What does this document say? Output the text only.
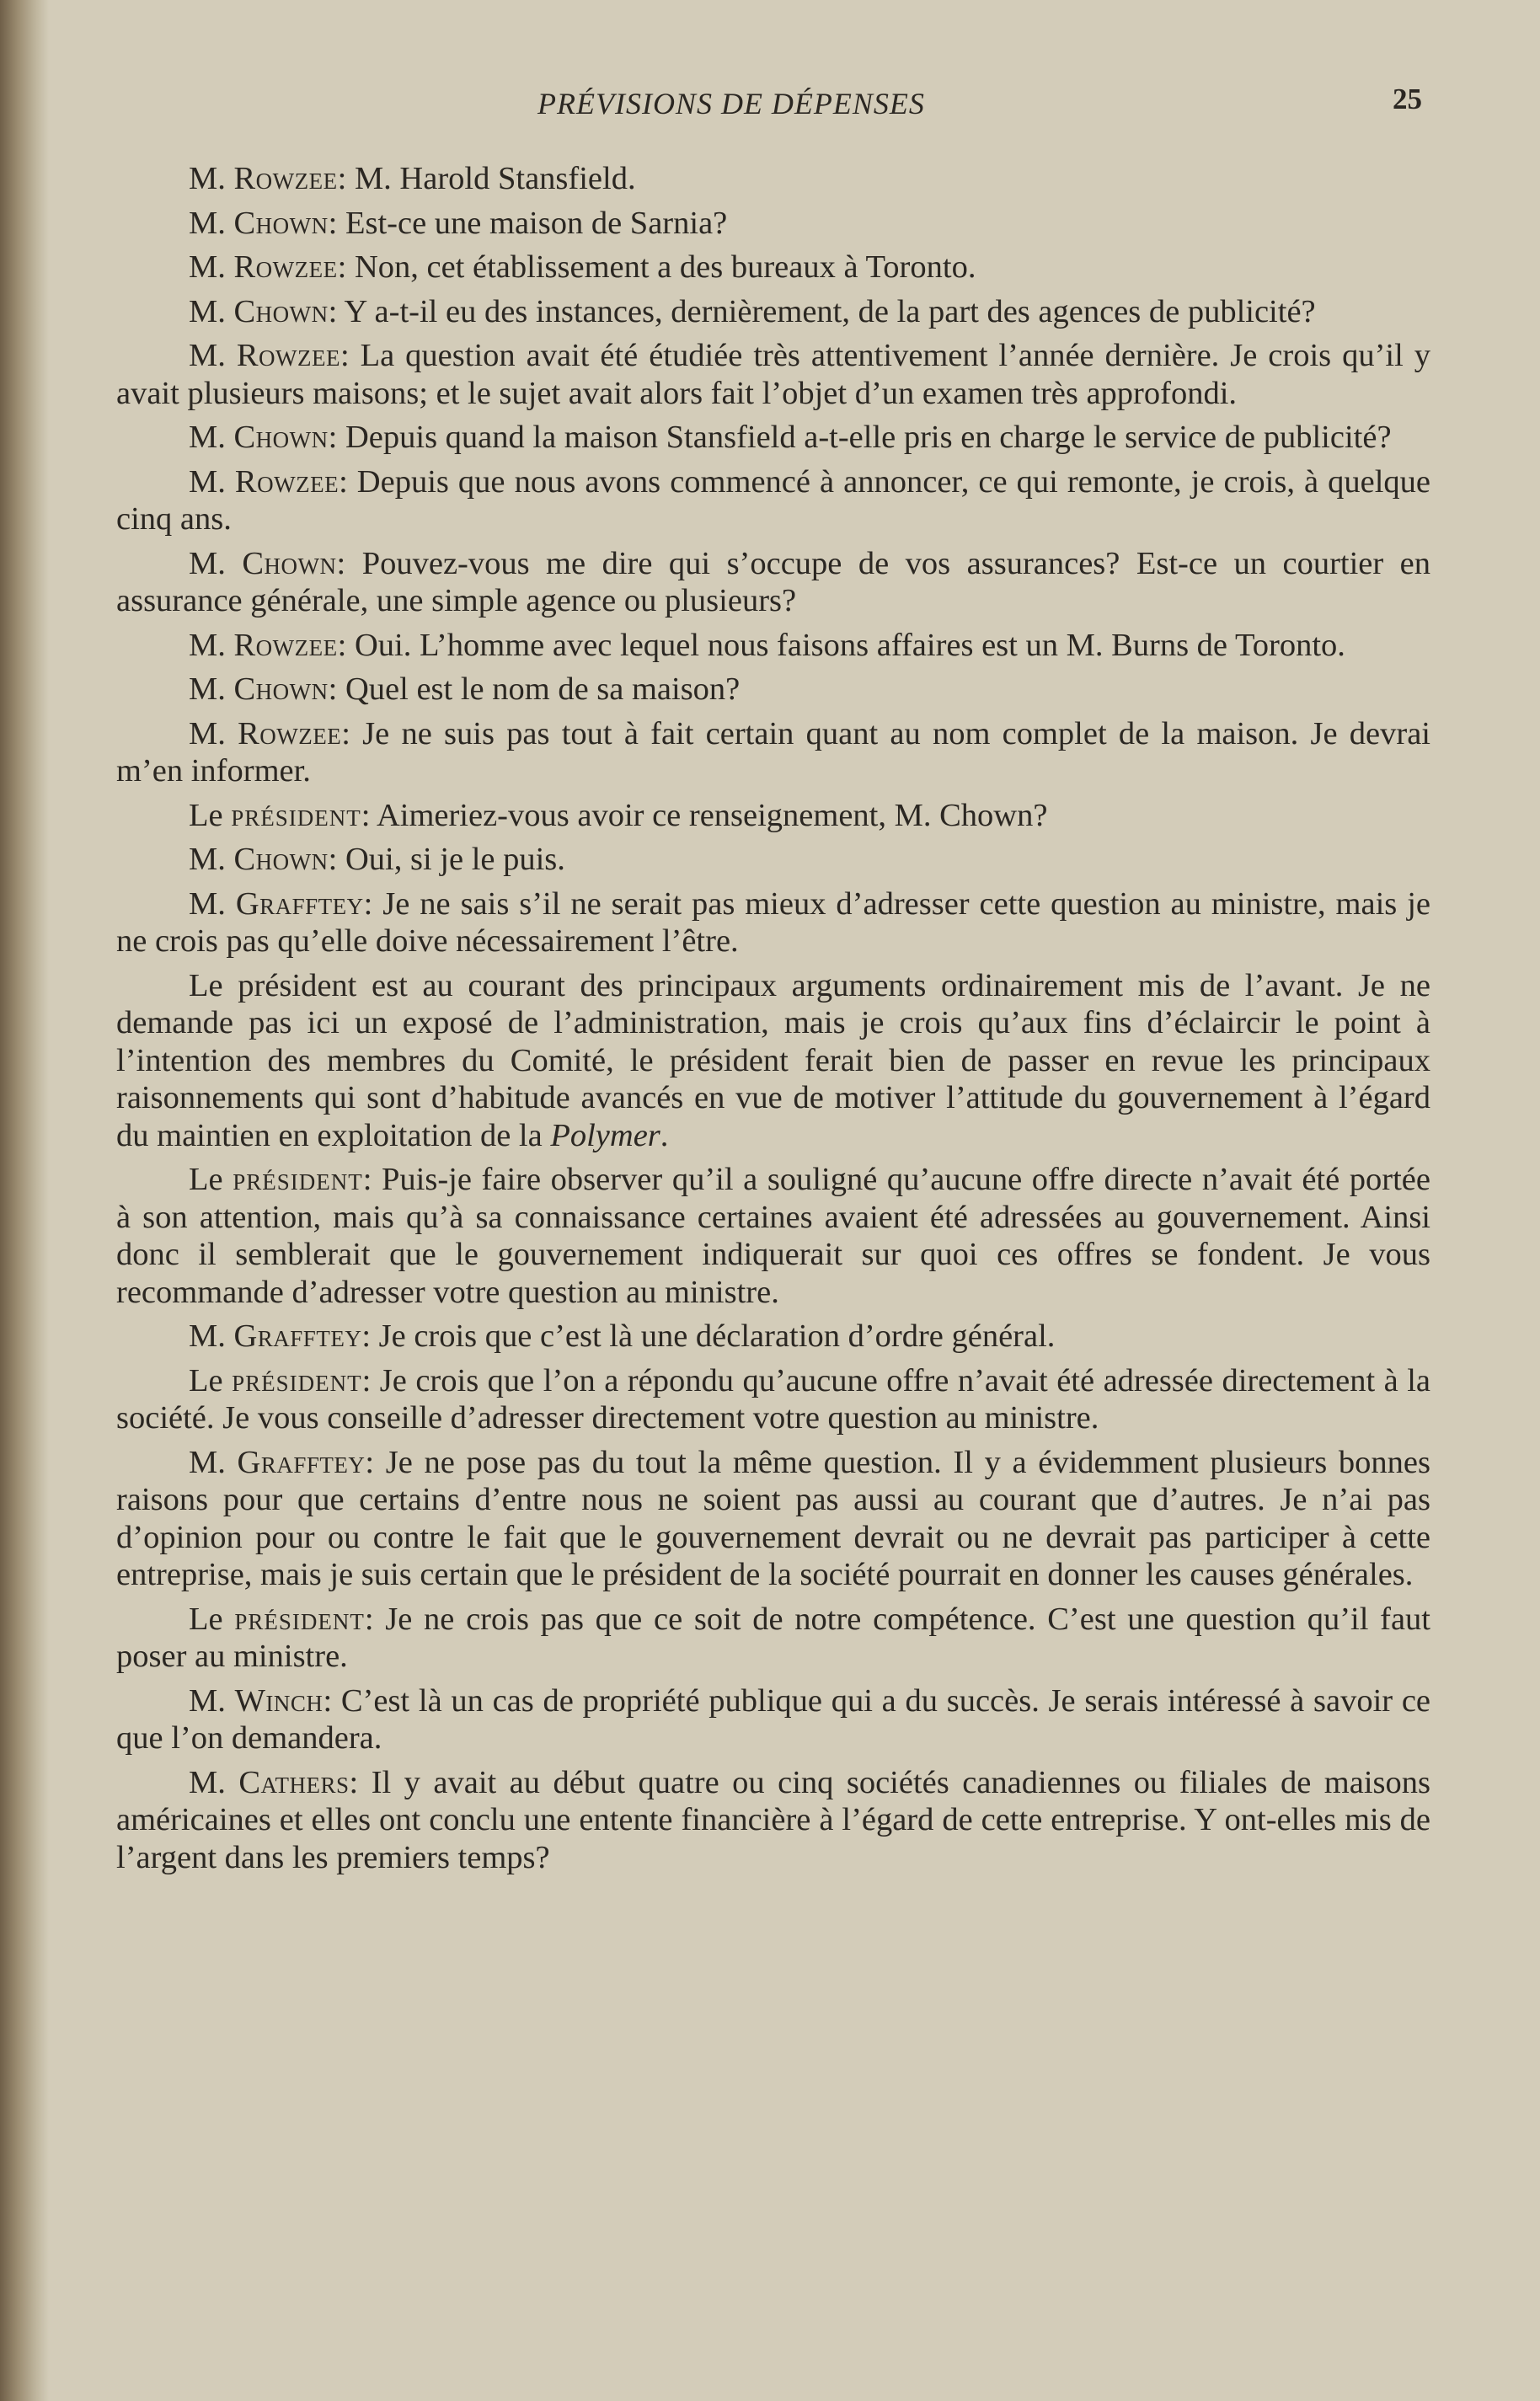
PRÉVISIONS DE DÉPENSES	25

M. Rowzee: M. Harold Stansfield.

M. Chown: Est-ce une maison de Sarnia?

M. Rowzee: Non, cet établissement a des bureaux à Toronto.

M. Chown: Y a-t-il eu des instances, dernièrement, de la part des agences de publicité?

M. Rowzee: La question avait été étudiée très attentivement l’année dernière. Je crois qu’il y avait plusieurs maisons; et le sujet avait alors fait l’objet d’un examen très approfondi.

M. Chown: Depuis quand la maison Stansfield a-t-elle pris en charge le service de publicité?

M. Rowzee: Depuis que nous avons commencé à annoncer, ce qui remonte, je crois, à quelque cinq ans.

M. Chown: Pouvez-vous me dire qui s’occupe de vos assurances? Est-ce un courtier en assurance générale, une simple agence ou plusieurs?

M. Rowzee: Oui. L’homme avec lequel nous faisons affaires est un M. Burns de Toronto.

M. Chown: Quel est le nom de sa maison?

M. Rowzee: Je ne suis pas tout à fait certain quant au nom complet de la maison. Je devrai m’en informer.

Le président: Aimeriez-vous avoir ce renseignement, M. Chown?

M. Chown: Oui, si je le puis.

M. Grafftey: Je ne sais s’il ne serait pas mieux d’adresser cette question au ministre, mais je ne crois pas qu’elle doive nécessairement l’être.

Le président est au courant des principaux arguments ordinairement mis de l’avant. Je ne demande pas ici un exposé de l’administration, mais je crois qu’aux fins d’éclaircir le point à l’intention des membres du Comité, le président ferait bien de passer en revue les principaux raisonnements qui sont d’habitude avancés en vue de motiver l’attitude du gouvernement à l’égard du maintien en exploitation de la Polymer.

Le président: Puis-je faire observer qu’il a souligné qu’aucune offre directe n’avait été portée à son attention, mais qu’à sa connaissance certaines avaient été adressées au gouvernement. Ainsi donc il semblerait que le gouvernement indiquerait sur quoi ces offres se fondent. Je vous recommande d’adresser votre question au ministre.

M. Grafftey: Je crois que c’est là une déclaration d’ordre général.

Le président: Je crois que l’on a répondu qu’aucune offre n’avait été adressée directement à la société. Je vous conseille d’adresser directement votre question au ministre.

M. Grafftey: Je ne pose pas du tout la même question. Il y a évidemment plusieurs bonnes raisons pour que certains d’entre nous ne soient pas aussi au courant que d’autres. Je n’ai pas d’opinion pour ou contre le fait que le gouvernement devrait ou ne devrait pas participer à cette entreprise, mais je suis certain que le président de la société pourrait en donner les causes générales.

Le président: Je ne crois pas que ce soit de notre compétence. C’est une question qu’il faut poser au ministre.

M. Winch: C’est là un cas de propriété publique qui a du succès. Je serais intéressé à savoir ce que l’on demandera.

M. Cathers: Il y avait au début quatre ou cinq sociétés canadiennes ou filiales de maisons américaines et elles ont conclu une entente financière à l’égard de cette entreprise. Y ont-elles mis de l’argent dans les premiers temps?
